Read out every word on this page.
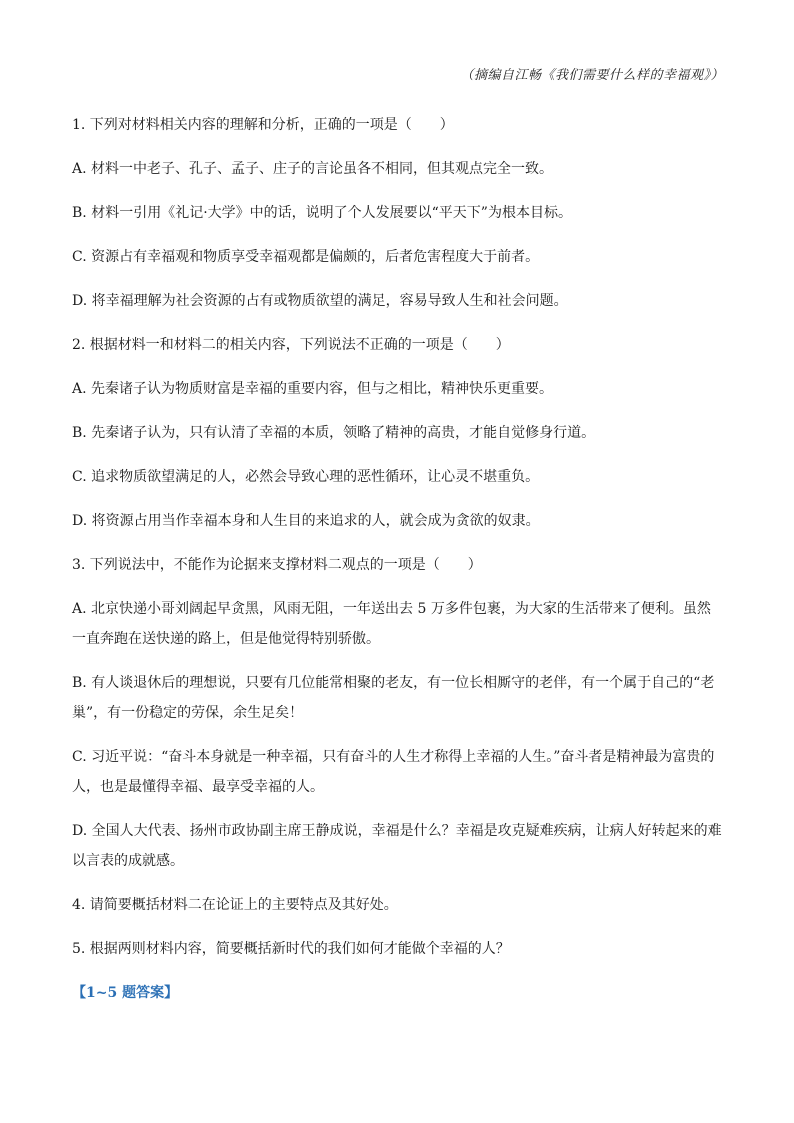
（摘编自江畅《我们需要什么样的幸福观》）

1. 下列对材料相关内容的理解和分析，正确的一项是（　　）

A. 材料一中老子、孔子、孟子、庄子的言论虽各不相同，但其观点完全一致。

B. 材料一引用《礼记·大学》中的话，说明了个人发展要以“平天下”为根本目标。

C. 资源占有幸福观和物质享受幸福观都是偏颇的，后者危害程度大于前者。

D. 将幸福理解为社会资源的占有或物质欲望的满足，容易导致人生和社会问题。

2. 根据材料一和材料二的相关内容，下列说法不正确的一项是（　　）

A. 先秦诸子认为物质财富是幸福的重要内容，但与之相比，精神快乐更重要。

B. 先秦诸子认为，只有认清了幸福的本质，领略了精神的高贵，才能自觉修身行道。

C. 追求物质欲望满足的人，必然会导致心理的恶性循环，让心灵不堪重负。

D. 将资源占用当作幸福本身和人生目的来追求的人，就会成为贪欲的奴隶。

3. 下列说法中，不能作为论据来支撑材料二观点的一项是（　　）

A. 北京快递小哥刘阔起早贪黑，风雨无阻，一年送出去 5 万多件包裹，为大家的生活带来了便利。虽然一直奔跑在送快递的路上，但是他觉得特别骄傲。

B. 有人谈退休后的理想说，只要有几位能常相聚的老友，有一位长相厮守的老伴，有一个属于自己的“老巢”，有一份稳定的劳保，余生足矣！

C. 习近平说：“奋斗本身就是一种幸福，只有奋斗的人生才称得上幸福的人生。”奋斗者是精神最为富贵的人，也是最懂得幸福、最享受幸福的人。

D. 全国人大代表、扬州市政协副主席王静成说，幸福是什么？幸福是攻克疑难疾病，让病人好转起来的难以言表的成就感。

4. 请简要概括材料二在论证上的主要特点及其好处。

5. 根据两则材料内容，简要概括新时代的我们如何才能做个幸福的人？

【1~5 题答案】
